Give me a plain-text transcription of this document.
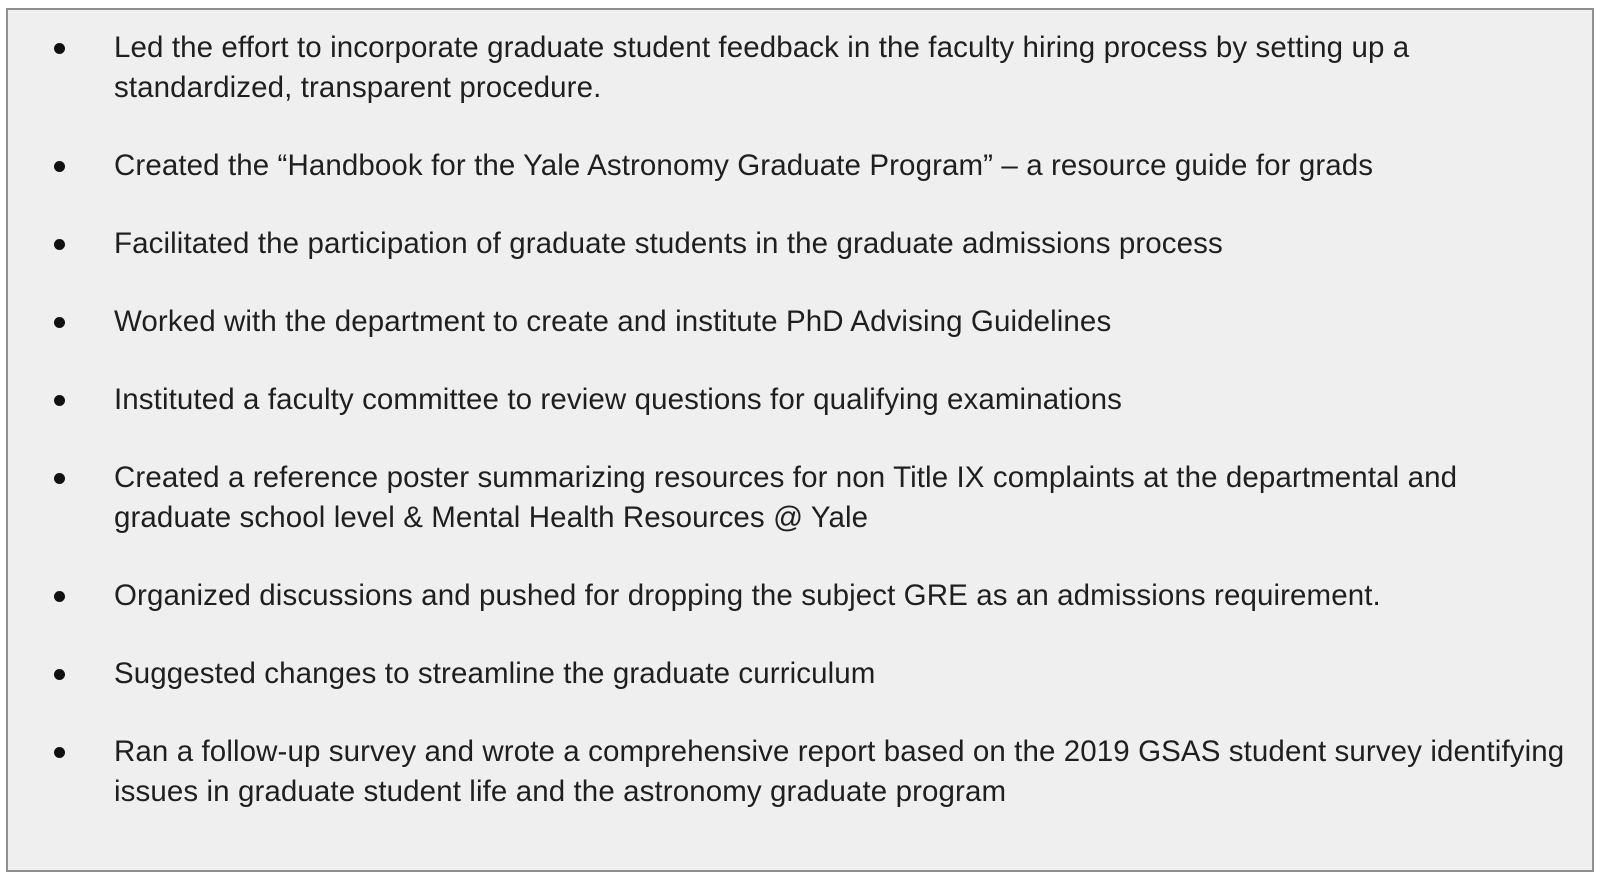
Led the effort to incorporate graduate student feedback in the faculty hiring process by setting up a standardized, transparent procedure.
Created the “Handbook for the Yale Astronomy Graduate Program” – a resource guide for grads
Facilitated the participation of graduate students in the graduate admissions process
Worked with the department to create and institute PhD Advising Guidelines
Instituted a faculty committee to review questions for qualifying examinations
Created a reference poster summarizing resources for non Title IX complaints at the departmental and graduate school level & Mental Health Resources @ Yale
Organized discussions and pushed for dropping the subject GRE as an admissions requirement.
Suggested changes to streamline the graduate curriculum
Ran a follow-up survey and wrote a comprehensive report based on the 2019 GSAS student survey identifying issues in graduate student life and the astronomy graduate program
